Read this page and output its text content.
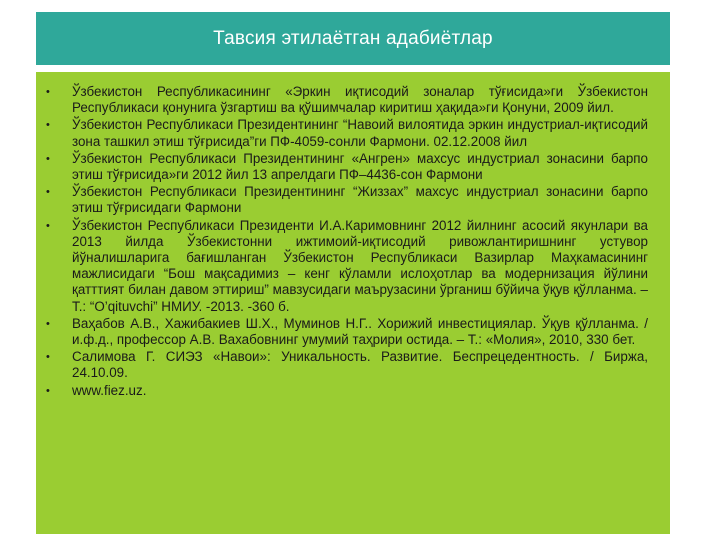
Тавсия этилаётган адабиётлар
• Ўзбекистон Республикасининг «Эркин иқтисодий зоналар тўғисида»ги Ўзбекистон Республикаси қонунига ўзгартиш ва қўшимчалар киритиш ҳақида»ги Қонуни, 2009 йил.
• Ўзбекистон Республикаси Президентининг “Навоий вилоятида эркин индустриал-иқтисодий зона ташкил этиш тўғрисида”ги ПФ-4059-сонли Фармони. 02.12.2008 йил
• Ўзбекистон Республикаси Президентининг «Ангрен» махсус индустриал зонасини барпо этиш тўғрисида»ги 2012 йил 13 апрелдаги ПФ–4436-сон Фармони
• Ўзбекистон Республикаси Президентининг “Жиззах” махсус индустриал зонасини барпо этиш тўғрисидаги Фармони
• Ўзбекистон Республикаси Президенти И.А.Каримовнинг 2012 йилнинг асосий якунлари ва 2013 йилда Ўзбекистонни ижтимоий-иқтисодий ривожлантиришнинг устувор йўналишларига бағишланган Ўзбекистон Республикаси Вазирлар Маҳкамасининг мажлисидаги “Бош мақсадимиз – кенг кўламли ислоҳотлар ва модернизация йўлини қатттият билан давом эттириш” мавзусидаги маърузасини ўрганиш бўйича ўқув қўлланма. –Т.: “O’qituvchi” НМИУ. -2013. -360 б.
• Ваҳабов А.В., Хажибакиев Ш.Х., Муминов Н.Г.. Хорижий инвестициялар. Ўқув қўлланма. / и.ф.д., профессор А.В. Вахабовнинг умумий таҳрири остида. – Т.: «Молия», 2010, 330 бет.
• Салимова Г. СИЭЗ «Навои»: Уникальность. Развитие. Беспрецедентность. / Биржа, 24.10.09.
• www.fiez.uz.
